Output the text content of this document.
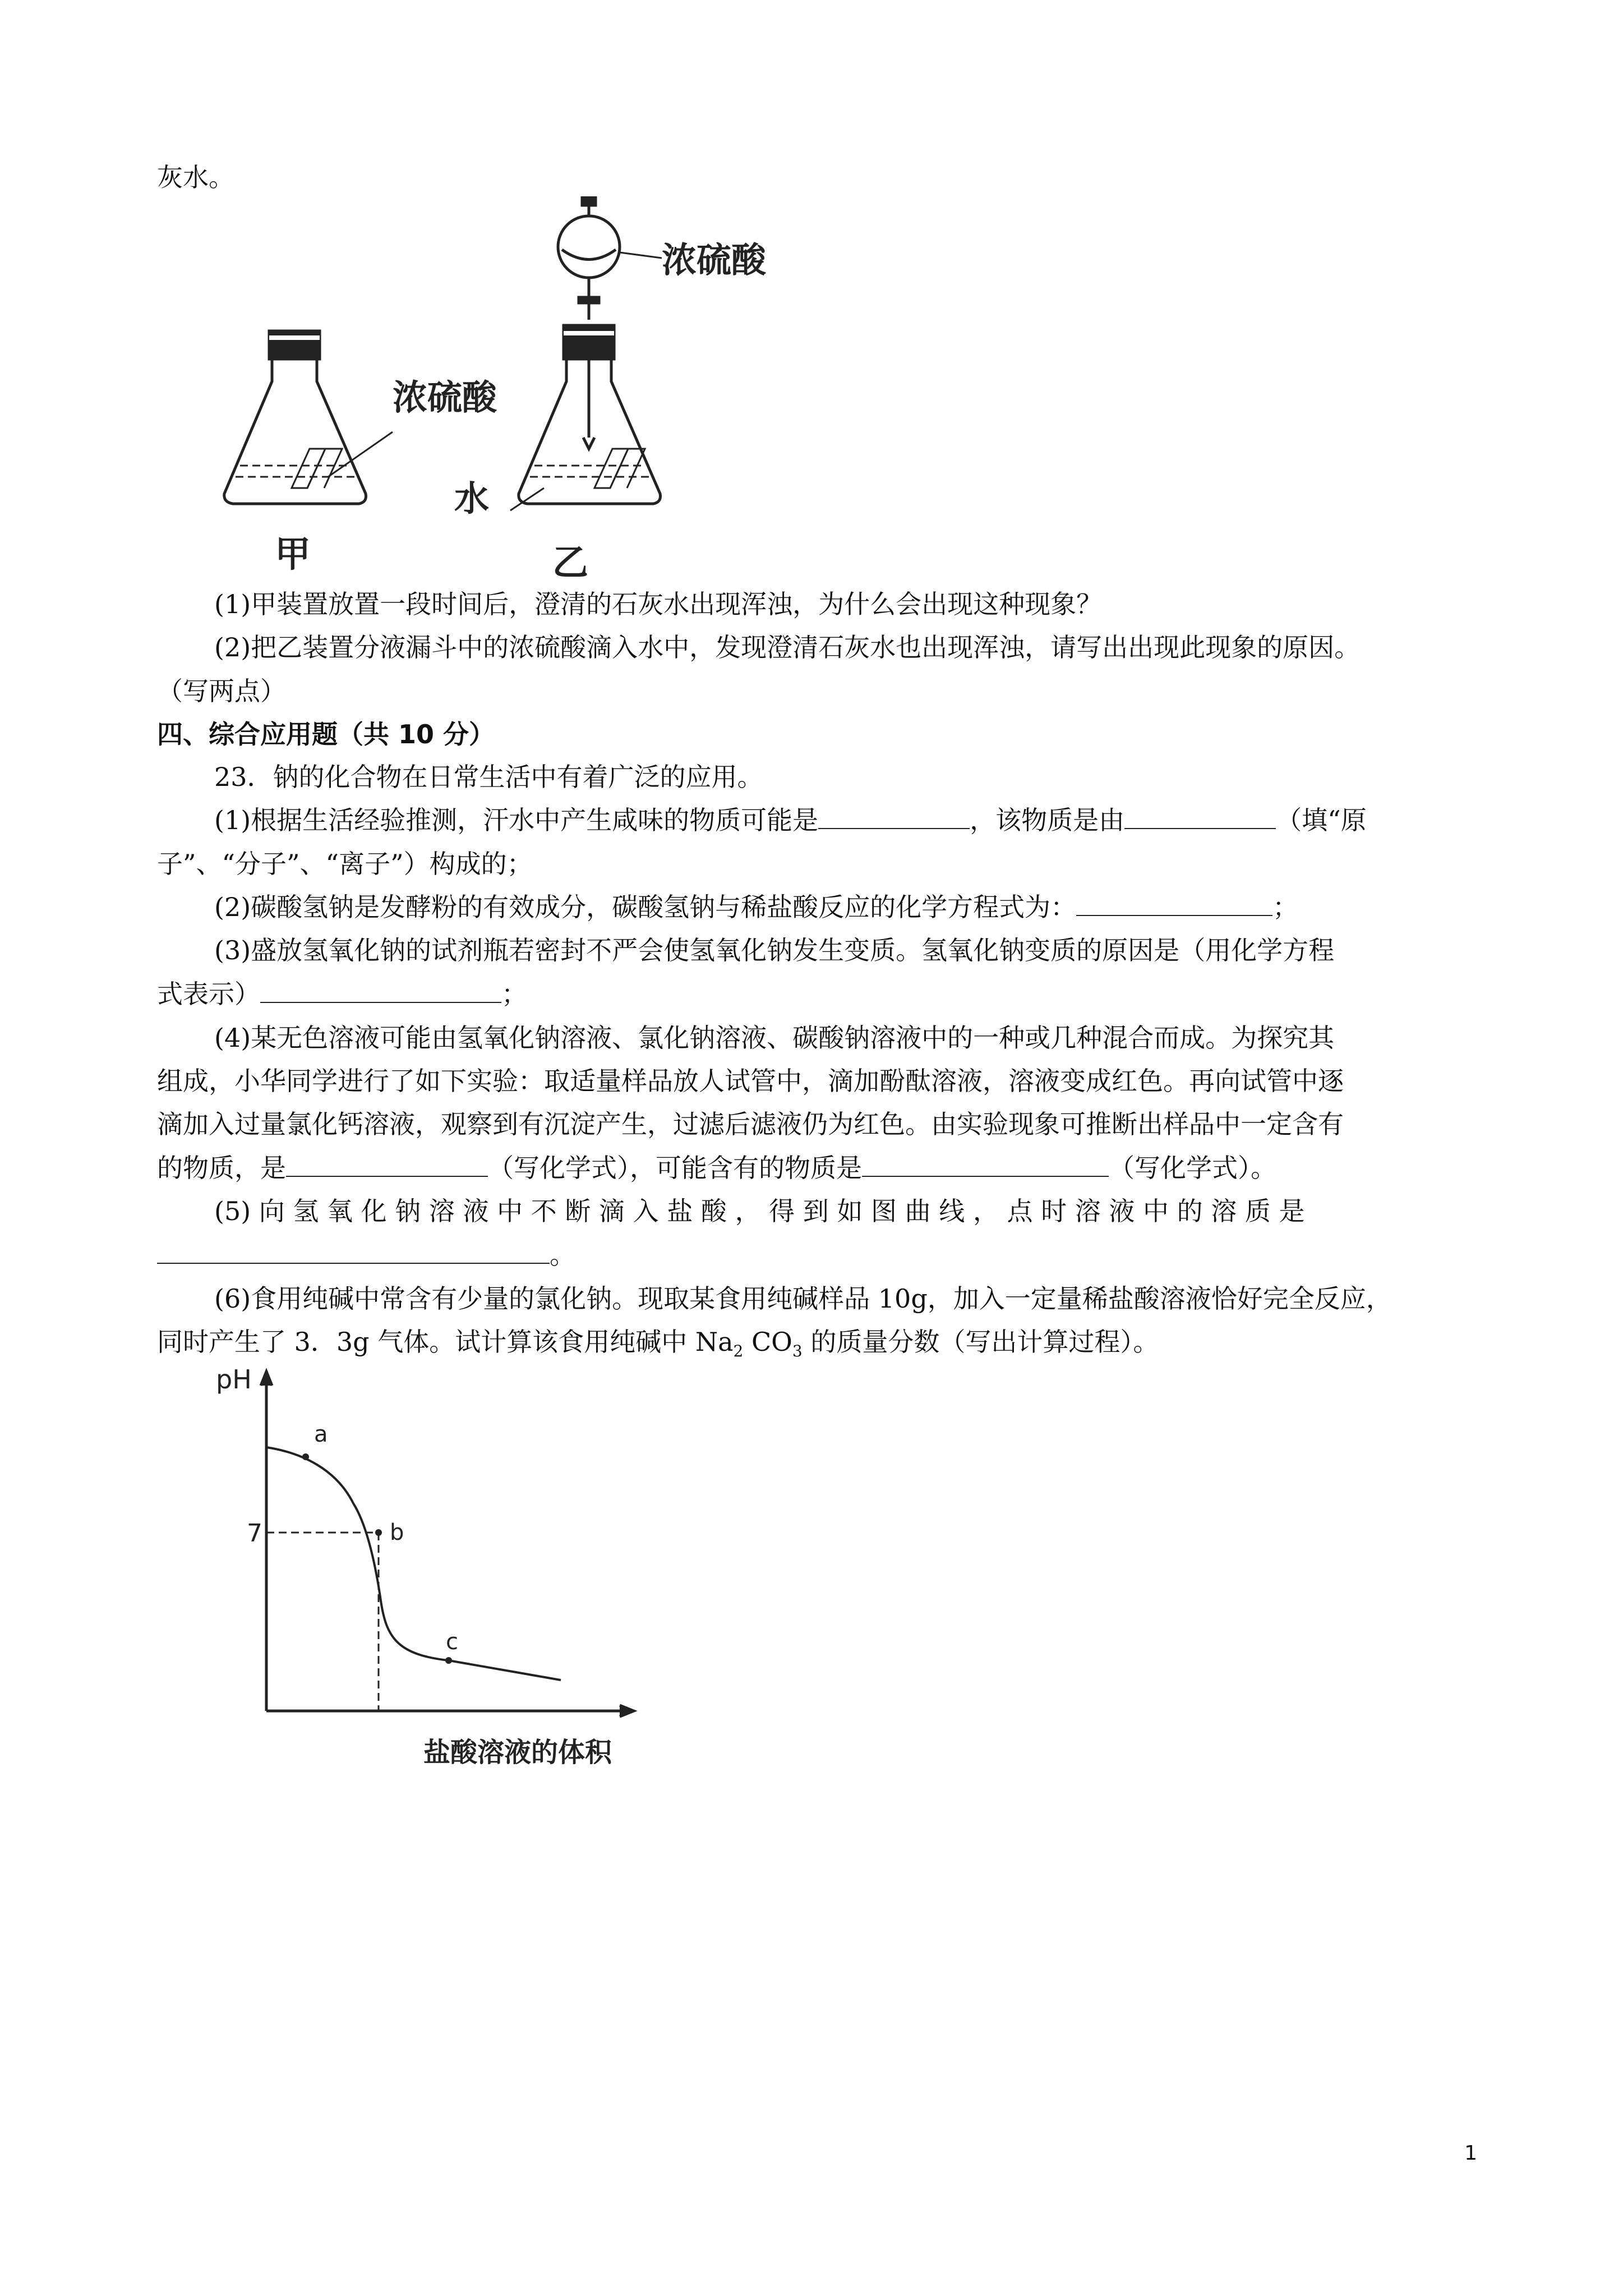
灰水。
浓硫酸
甲
浓硫酸
水
乙
(1)甲装置放置一段时间后，澄清的石灰水出现浑浊，为什么会出现这种现象？
(2)把乙装置分液漏斗中的浓硫酸滴入水中，发现澄清石灰水也出现浑浊，请写出出现此现象的原因。
（写两点）
四、综合应用题（共 10 分）
23．钠的化合物在日常生活中有着广泛的应用。
(1)根据生活经验推测，汗水中产生咸味的物质可能是	，该物质是由	（填“原
子”、“分子”、“离子”）构成的；
(2)碳酸氢钠是发酵粉的有效成分，碳酸氢钠与稀盐酸反应的化学方程式为：	；
(3)盛放氢氧化钠的试剂瓶若密封不严会使氢氧化钠发生变质。氢氧化钠变质的原因是（用化学方程
式表示）	；
(4)某无色溶液可能由氢氧化钠溶液、氯化钠溶液、碳酸钠溶液中的一种或几种混合而成。为探究其
组成，小华同学进行了如下实验：取适量样品放人试管中，滴加酚酞溶液，溶液变成红色。再向试管中逐
滴加入过量氯化钙溶液，观察到有沉淀产生，过滤后滤液仍为红色。由实验现象可推断出样品中一定含有
的物质，是	（写化学式），可能含有的物质是	（写化学式）。
(5) 向 氢 氧 化 钠 溶 液 中 不 断 滴 入 盐 酸 ， 得 到 如 图 曲 线 ， 点 时 溶 液 中 的 溶 质 是
。
(6)食用纯碱中常含有少量的氯化钠。现取某食用纯碱样品 10g，加入一定量稀盐酸溶液恰好完全反应，
同时产生了 3．3g 气体。试计算该食用纯碱中 $Na_2$ $CO_3$ 的质量分数（写出计算过程）。
pH
7
a
b
c
盐酸溶液的体积
1
